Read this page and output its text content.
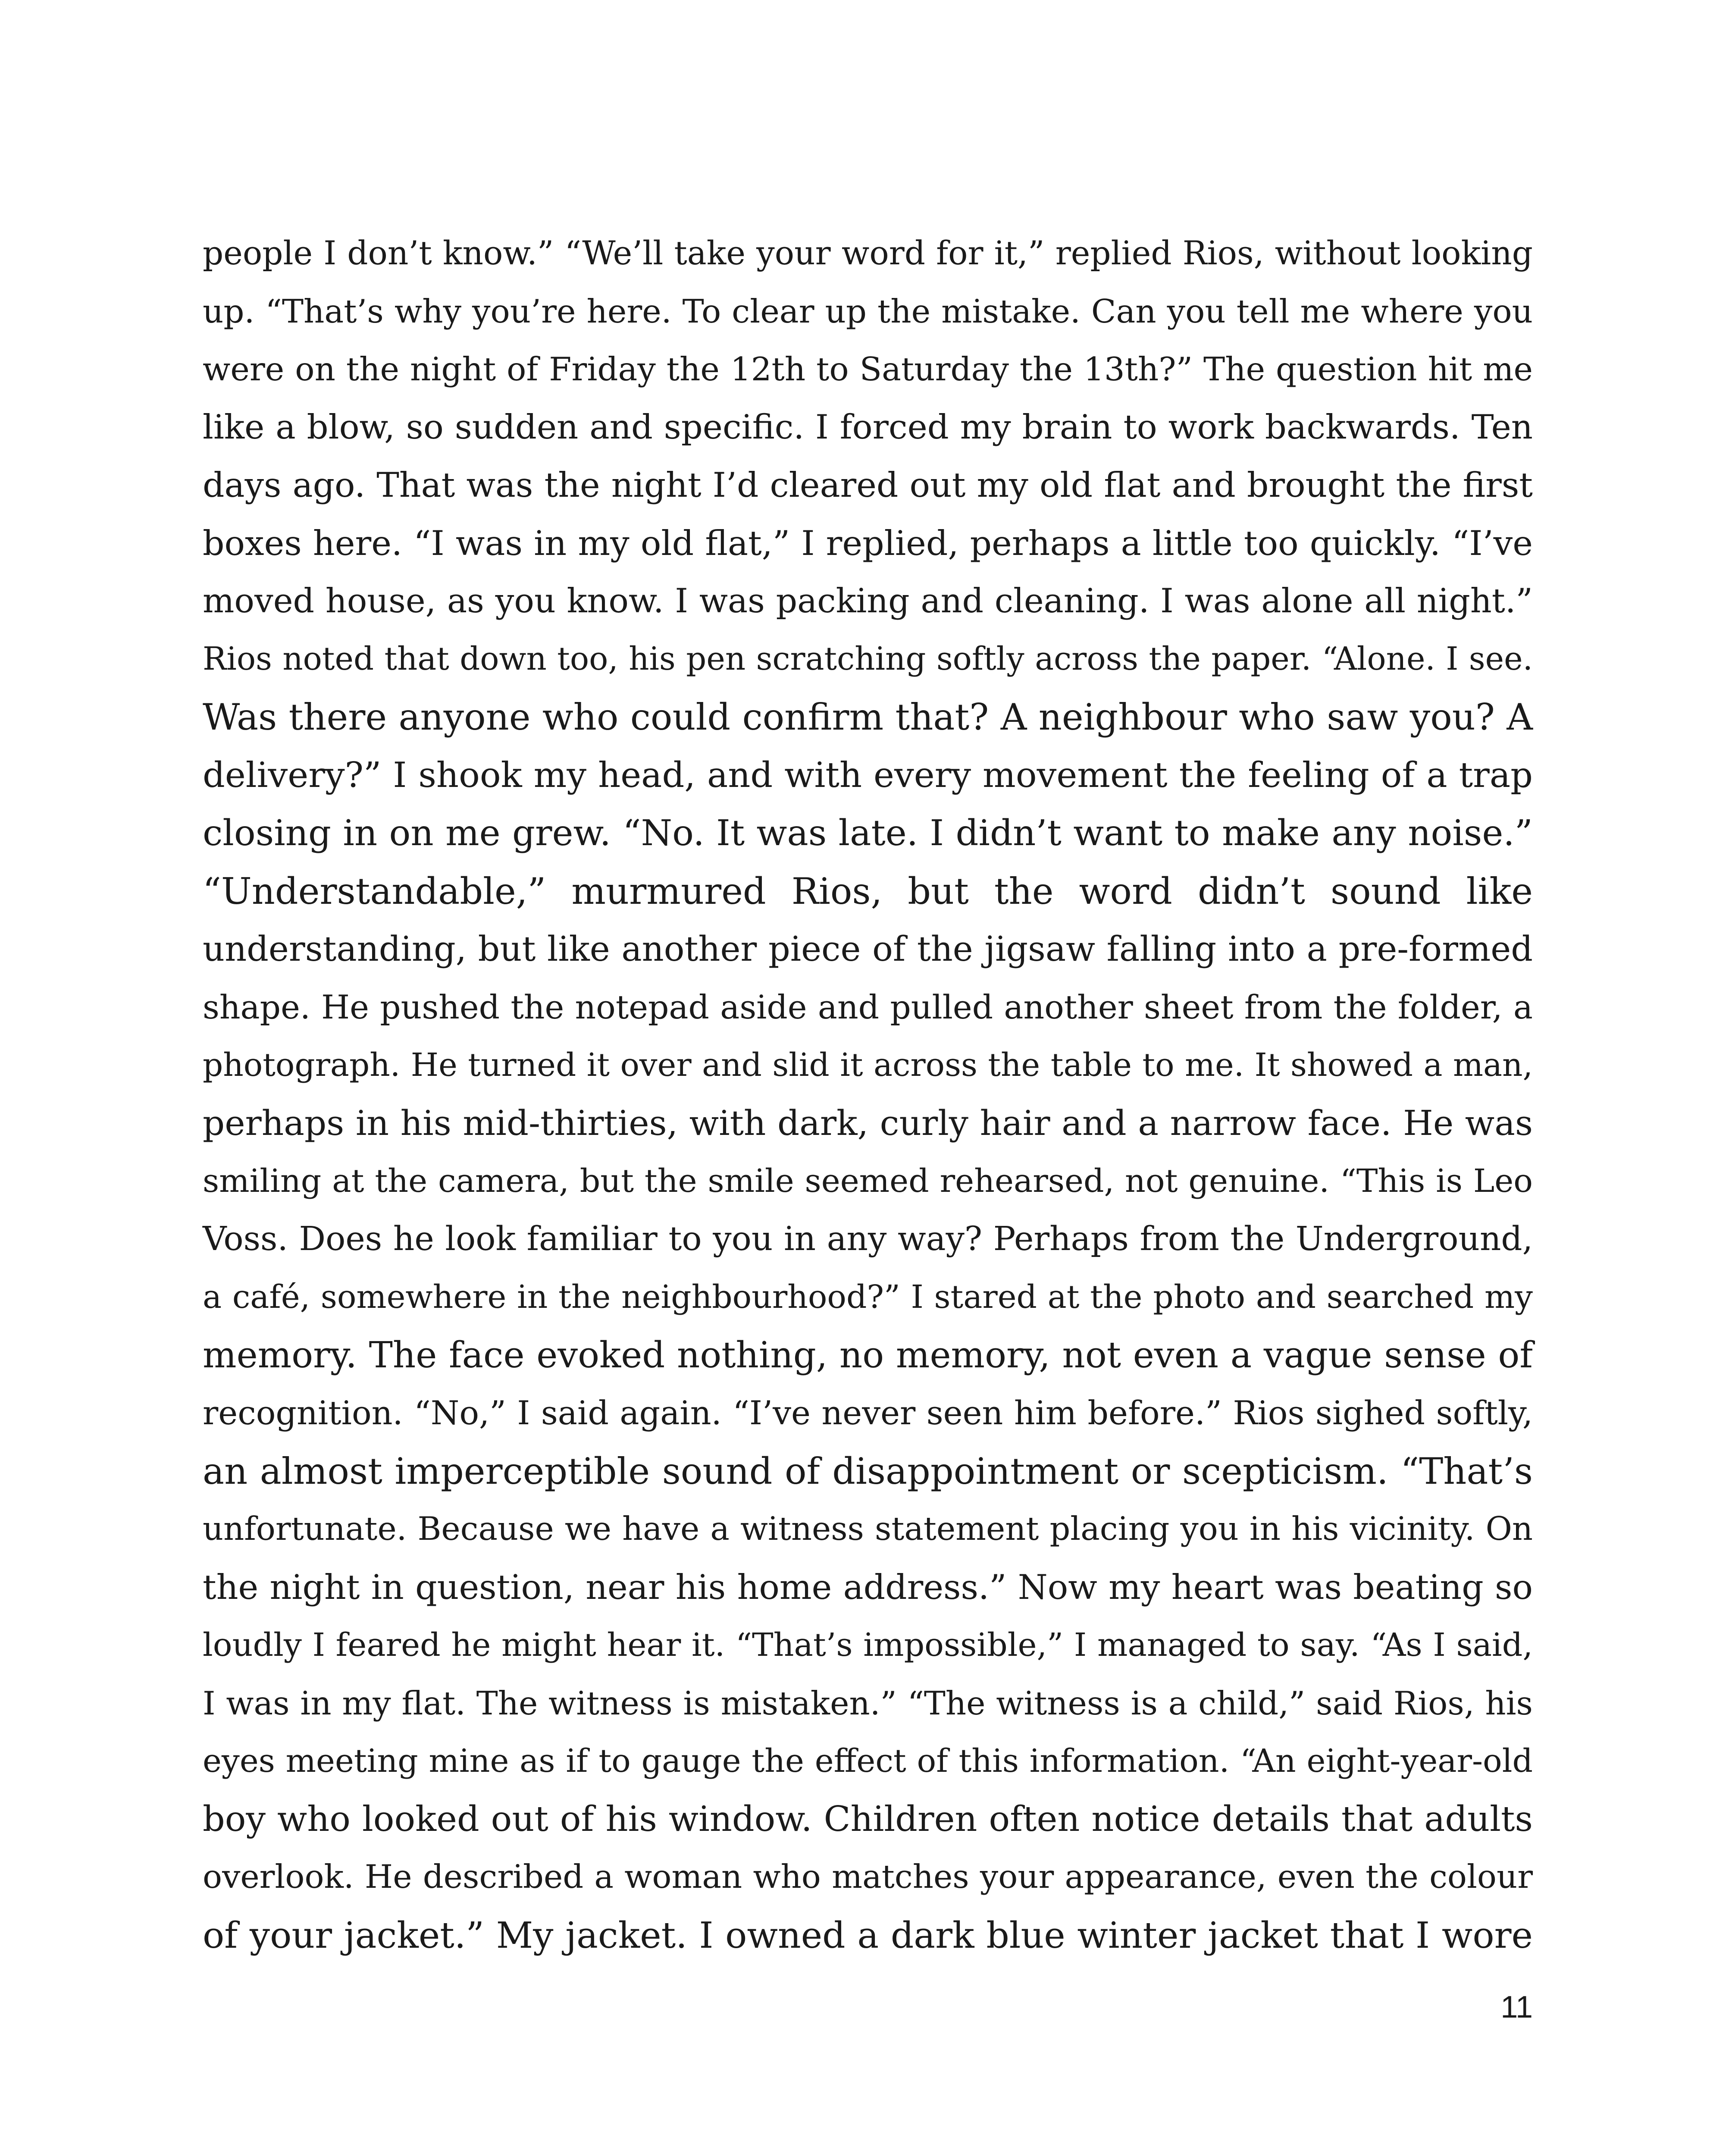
people I don’t know.” “We’ll take your word for it,” replied Rios, without looking
up. “That’s why you’re here. To clear up the mistake. Can you tell me where you
were on the night of Friday the 12th to Saturday the 13th?” The question hit me
like a blow, so sudden and specific. I forced my brain to work backwards. Ten
days ago. That was the night I’d cleared out my old flat and brought the first
boxes here. “I was in my old flat,” I replied, perhaps a little too quickly. “I’ve
moved house, as you know. I was packing and cleaning. I was alone all night.”
Rios noted that down too, his pen scratching softly across the paper. “Alone. I see.
Was there anyone who could confirm that? A neighbour who saw you? A
delivery?” I shook my head, and with every movement the feeling of a trap
closing in on me grew. “No. It was late. I didn’t want to make any noise.”
“Understandable,” murmured Rios, but the word didn’t sound like
understanding, but like another piece of the jigsaw falling into a pre-formed
shape. He pushed the notepad aside and pulled another sheet from the folder, a
photograph. He turned it over and slid it across the table to me. It showed a man,
perhaps in his mid-thirties, with dark, curly hair and a narrow face. He was
smiling at the camera, but the smile seemed rehearsed, not genuine. “This is Leo
Voss. Does he look familiar to you in any way? Perhaps from the Underground,
a café, somewhere in the neighbourhood?” I stared at the photo and searched my
memory. The face evoked nothing, no memory, not even a vague sense of
recognition. “No,” I said again. “I’ve never seen him before.” Rios sighed softly,
an almost imperceptible sound of disappointment or scepticism. “That’s
unfortunate. Because we have a witness statement placing you in his vicinity. On
the night in question, near his home address.” Now my heart was beating so
loudly I feared he might hear it. “That’s impossible,” I managed to say. “As I said,
I was in my flat. The witness is mistaken.” “The witness is a child,” said Rios, his
eyes meeting mine as if to gauge the effect of this information. “An eight-year-old
boy who looked out of his window. Children often notice details that adults
overlook. He described a woman who matches your appearance, even the colour
of your jacket.” My jacket. I owned a dark blue winter jacket that I wore
11
